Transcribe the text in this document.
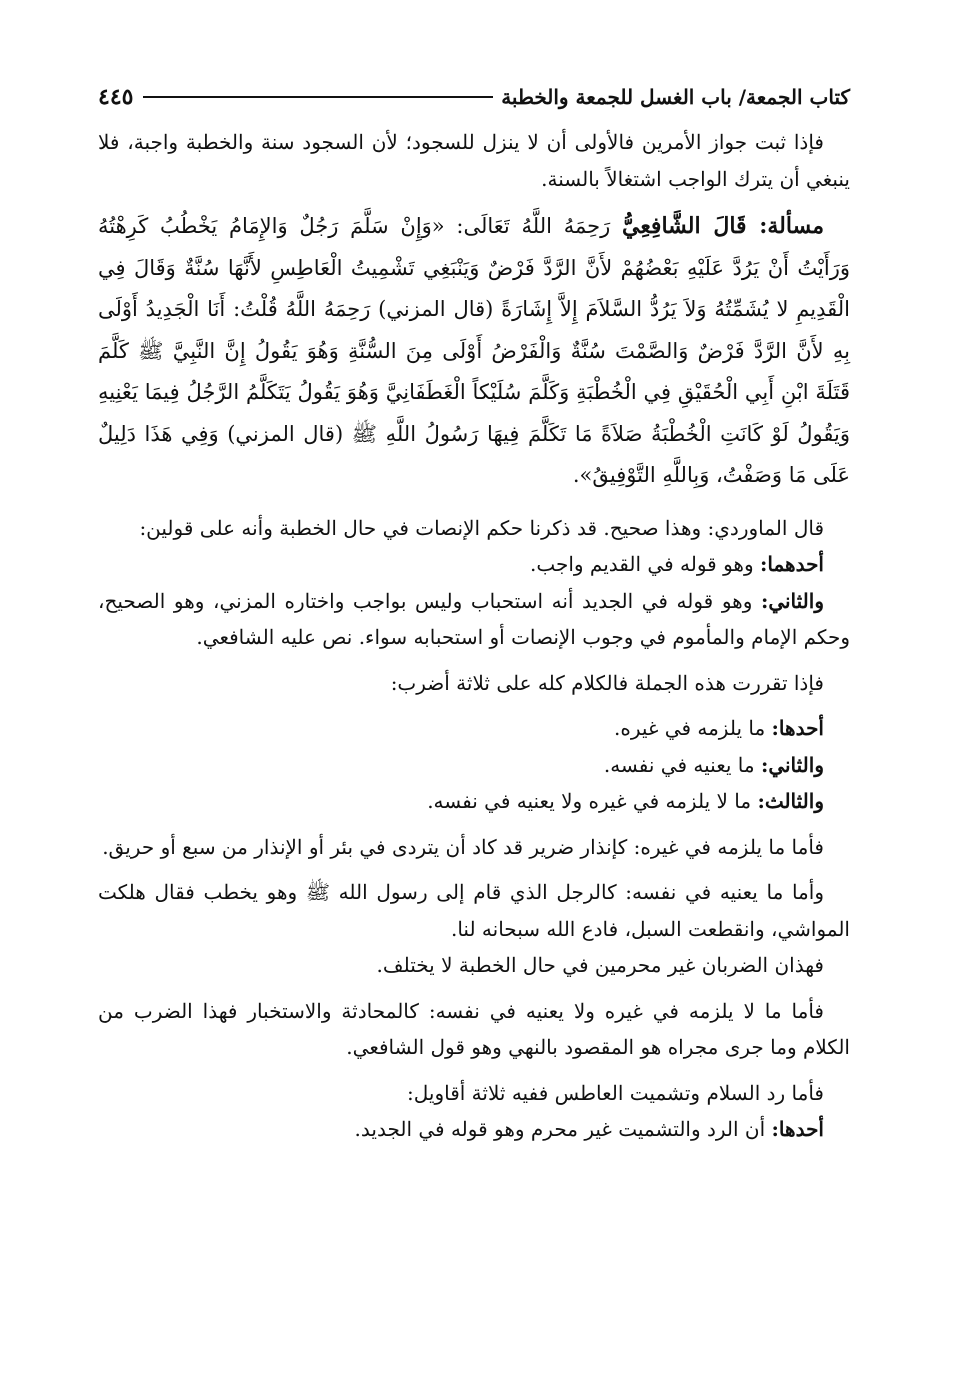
كتاب الجمعة/ باب الغسل للجمعة والخطبة
٤٤٥

فإذا ثبت جواز الأمرين فالأولى أن لا ينزل للسجود؛ لأن السجود سنة والخطبة واجبة، فلا ينبغي أن يترك الواجب اشتغالاً بالسنة.

مسألة: قَالَ الشَّافِعِيُّ رَحِمَهُ اللَّهُ تَعَالَى: «وَإِنْ سَلَّمَ رَجُلٌ وَالإِمَامُ يَخْطُبُ كَرِهْتُهُ وَرَأَيْتُ أَنْ يَرُدَّ عَلَيْهِ بَعْضُهُمْ لأَنَّ الرَّدَّ فَرْضٌ وَيَنْبَغِي تَشْمِيتُ الْعَاطِسِ لأَنَّهَا سُنَّةٌ وَقَالَ فِي الْقَدِيمِ لا يُشَمِّتُهُ وَلاَ يَرُدُّ السَّلاَمَ إِلاَّ إِشَارَةً (قال المزني) رَحِمَهُ اللَّهُ قُلْتُ: أَنَا الْجَدِيدُ أَوْلَى بِهِ لأَنَّ الرَّدَّ فَرْضٌ وَالصَّمْتَ سُنَّةٌ وَالْفَرْضُ أَوْلَى مِنَ السُّنَّةِ وَهُوَ يَقُولُ إِنَّ النَّبِيَّ ﷺ كَلَّمَ قَتَلَةَ ابْنِ أَبِي الْحُقَيْقِ فِي الْخُطْبَةِ وَكَلَّمَ سُلَيْكاً الْغَطَفَانِيَّ وَهُوَ يَقُولُ يَتَكَلَّمُ الرَّجُلُ فِيمَا يَعْنِيهِ وَيَقُولُ لَوْ كَانَتِ الْخُطْبَةُ صَلاَةً مَا تَكَلَّمَ فِيهَا رَسُولُ اللَّهِ ﷺ (قال المزني) وَفِي هَذَا دَلِيلٌ عَلَى مَا وَصَفْتُ، وَبِاللَّهِ التَّوْفِيقُ».

قال الماوردي: وهذا صحيح. قد ذكرنا حكم الإنصات في حال الخطبة وأنه على قولين:

أحدهما: وهو قوله في القديم واجب.

والثاني: وهو قوله في الجديد أنه استحباب وليس بواجب واختاره المزني، وهو الصحيح، وحكم الإمام والمأموم في وجوب الإنصات أو استحبابه سواء. نص عليه الشافعي.

فإذا تقررت هذه الجملة فالكلام كله على ثلاثة أضرب:

أحدها: ما يلزمه في غيره.

والثاني: ما يعنيه في نفسه.

والثالث: ما لا يلزمه في غيره ولا يعنيه في نفسه.

فأما ما يلزمه في غيره: كإنذار ضرير قد كاد أن يتردى في بئر أو الإنذار من سبع أو حريق.

وأما ما يعنيه في نفسه: كالرجل الذي قام إلى رسول الله ﷺ وهو يخطب فقال هلكت المواشي، وانقطعت السبل، فادع الله سبحانه لنا.

فهذان الضربان غير محرمين في حال الخطبة لا يختلف.

فأما ما لا يلزمه في غيره ولا يعنيه في نفسه: كالمحادثة والاستخبار فهذا الضرب من الكلام وما جرى مجراه هو المقصود بالنهي وهو قول الشافعي.

فأما رد السلام وتشميت العاطس ففيه ثلاثة أقاويل:

أحدها: أن الرد والتشميت غير محرم وهو قوله في الجديد.
